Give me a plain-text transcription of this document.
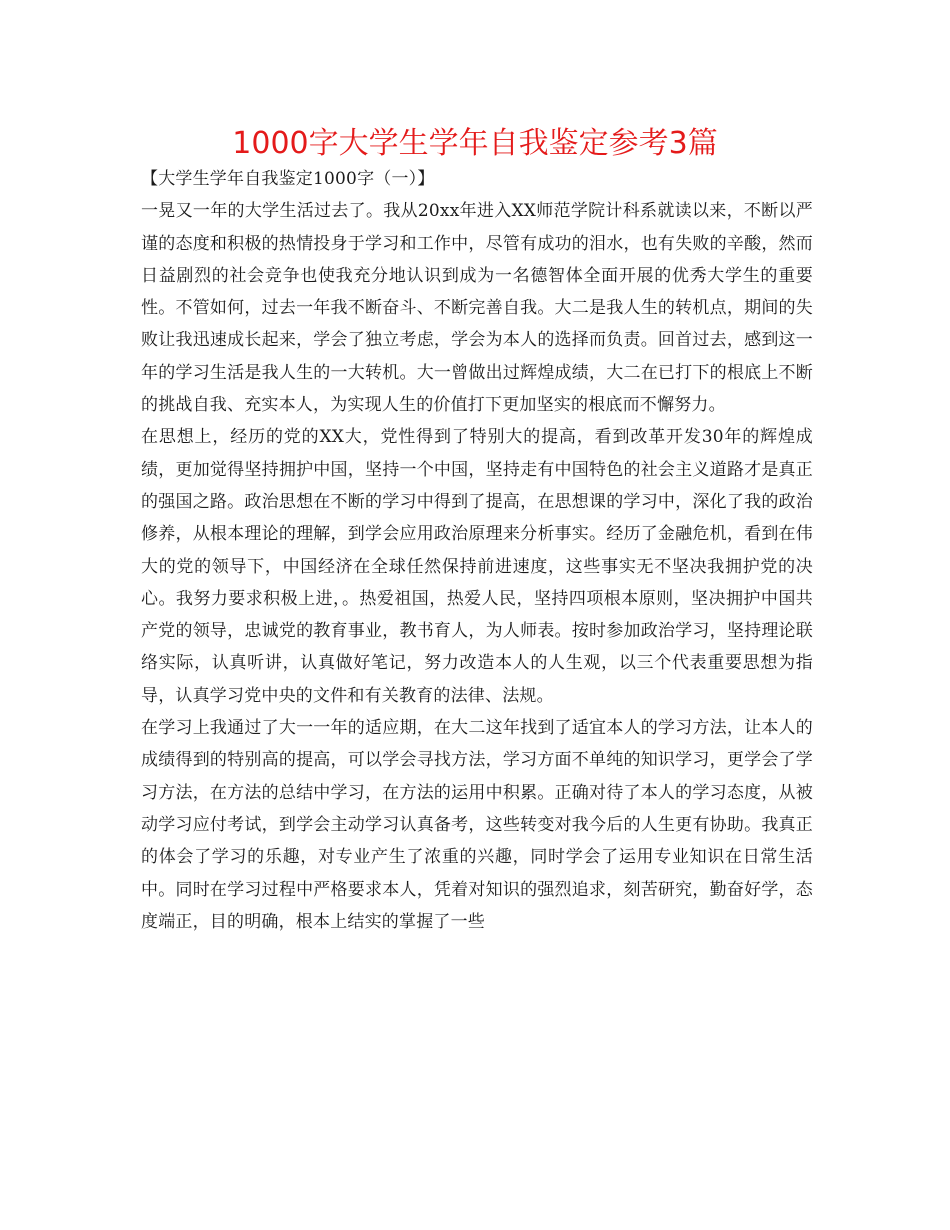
1000字大学生学年自我鉴定参考3篇
【大学生学年自我鉴定1000字（一）】

一晃又一年的大学生活过去了。我从20xx年进入XX师范学院计科系就读以来，不断以严谨的态度和积极的热情投身于学习和工作中，尽管有成功的泪水，也有失败的辛酸，然而日益剧烈的社会竞争也使我充分地认识到成为一名德智体全面开展的优秀大学生的重要性。不管如何，过去一年我不断奋斗、不断完善自我。大二是我人生的转机点，期间的失败让我迅速成长起来，学会了独立考虑，学会为本人的选择而负责。回首过去，感到这一年的学习生活是我人生的一大转机。大一曾做出过辉煌成绩，大二在已打下的根底上不断的挑战自我、充实本人，为实现人生的价值打下更加坚实的根底而不懈努力。

在思想上，经历的党的XX大，党性得到了特别大的提高，看到改革开发30年的辉煌成绩，更加觉得坚持拥护中国，坚持一个中国，坚持走有中国特色的社会主义道路才是真正的强国之路。政治思想在不断的学习中得到了提高，在思想课的学习中，深化了我的政治修养，从根本理论的理解，到学会应用政治原理来分析事实。经历了金融危机，看到在伟大的党的领导下，中国经济在全球任然保持前进速度，这些事实无不坚决我拥护党的决心。我努力要求积极上进，。热爱祖国，热爱人民，坚持四项根本原则，坚决拥护中国共产党的领导，忠诚党的教育事业，教书育人，为人师表。按时参加政治学习，坚持理论联络实际，认真听讲，认真做好笔记，努力改造本人的人生观，以三个代表重要思想为指导，认真学习党中央的文件和有关教育的法律、法规。

在学习上我通过了大一一年的适应期，在大二这年找到了适宜本人的学习方法，让本人的成绩得到的特别高的提高，可以学会寻找方法，学习方面不单纯的知识学习，更学会了学习方法，在方法的总结中学习，在方法的运用中积累。正确对待了本人的学习态度，从被动学习应付考试，到学会主动学习认真备考，这些转变对我今后的人生更有协助。我真正的体会了学习的乐趣，对专业产生了浓重的兴趣，同时学会了运用专业知识在日常生活中。同时在学习过程中严格要求本人，凭着对知识的强烈追求，刻苦研究，勤奋好学，态度端正，目的明确，根本上结实的掌握了一些
